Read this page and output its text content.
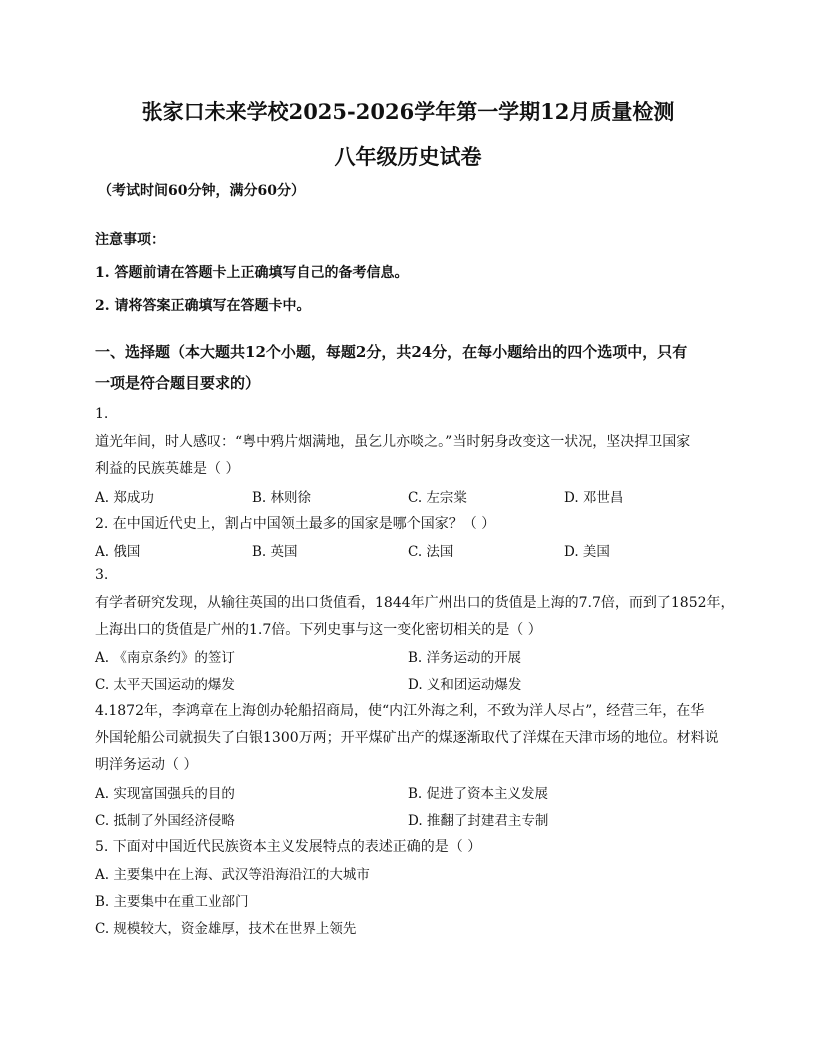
张家口未来学校2025-2026学年第一学期12月质量检测
八年级历史试卷
（考试时间60分钟，满分60分）
注意事项：
1. 答题前请在答题卡上正确填写自己的备考信息。
2. 请将答案正确填写在答题卡中。
一、选择题（本大题共12个小题，每题2分，共24分，在每小题给出的四个选项中，只有
一项是符合题目要求的）
1.
道光年间，时人感叹：“粤中鸦片烟满地，虽乞儿亦啖之。”当时躬身改变这一状况，坚决捍卫国家
利益的民族英雄是（ ）
A. 郑成功	B. 林则徐	C. 左宗棠	D. 邓世昌
2. 在中国近代史上，割占中国领土最多的国家是哪个国家？（ ）
A. 俄国	B. 英国	C. 法国	D. 美国
3.
有学者研究发现，从输往英国的出口货值看，1844年广州出口的货值是上海的7.7倍，而到了1852年，
上海出口的货值是广州的1.7倍。下列史事与这一变化密切相关的是（ ）
A. 《南京条约》的签订	B. 洋务运动的开展
C. 太平天国运动的爆发	D. 义和团运动爆发
4.1872年，李鸿章在上海创办轮船招商局，使“内江外海之利，不致为洋人尽占”，经营三年，在华
外国轮船公司就损失了白银1300万两；开平煤矿出产的煤逐渐取代了洋煤在天津市场的地位。材料说
明洋务运动（ ）
A. 实现富国强兵的目的	B. 促进了资本主义发展
C. 抵制了外国经济侵略	D. 推翻了封建君主专制
5. 下面对中国近代民族资本主义发展特点的表述正确的是（ ）
A. 主要集中在上海、武汉等沿海沿江的大城市
B. 主要集中在重工业部门
C. 规模较大，资金雄厚，技术在世界上领先
